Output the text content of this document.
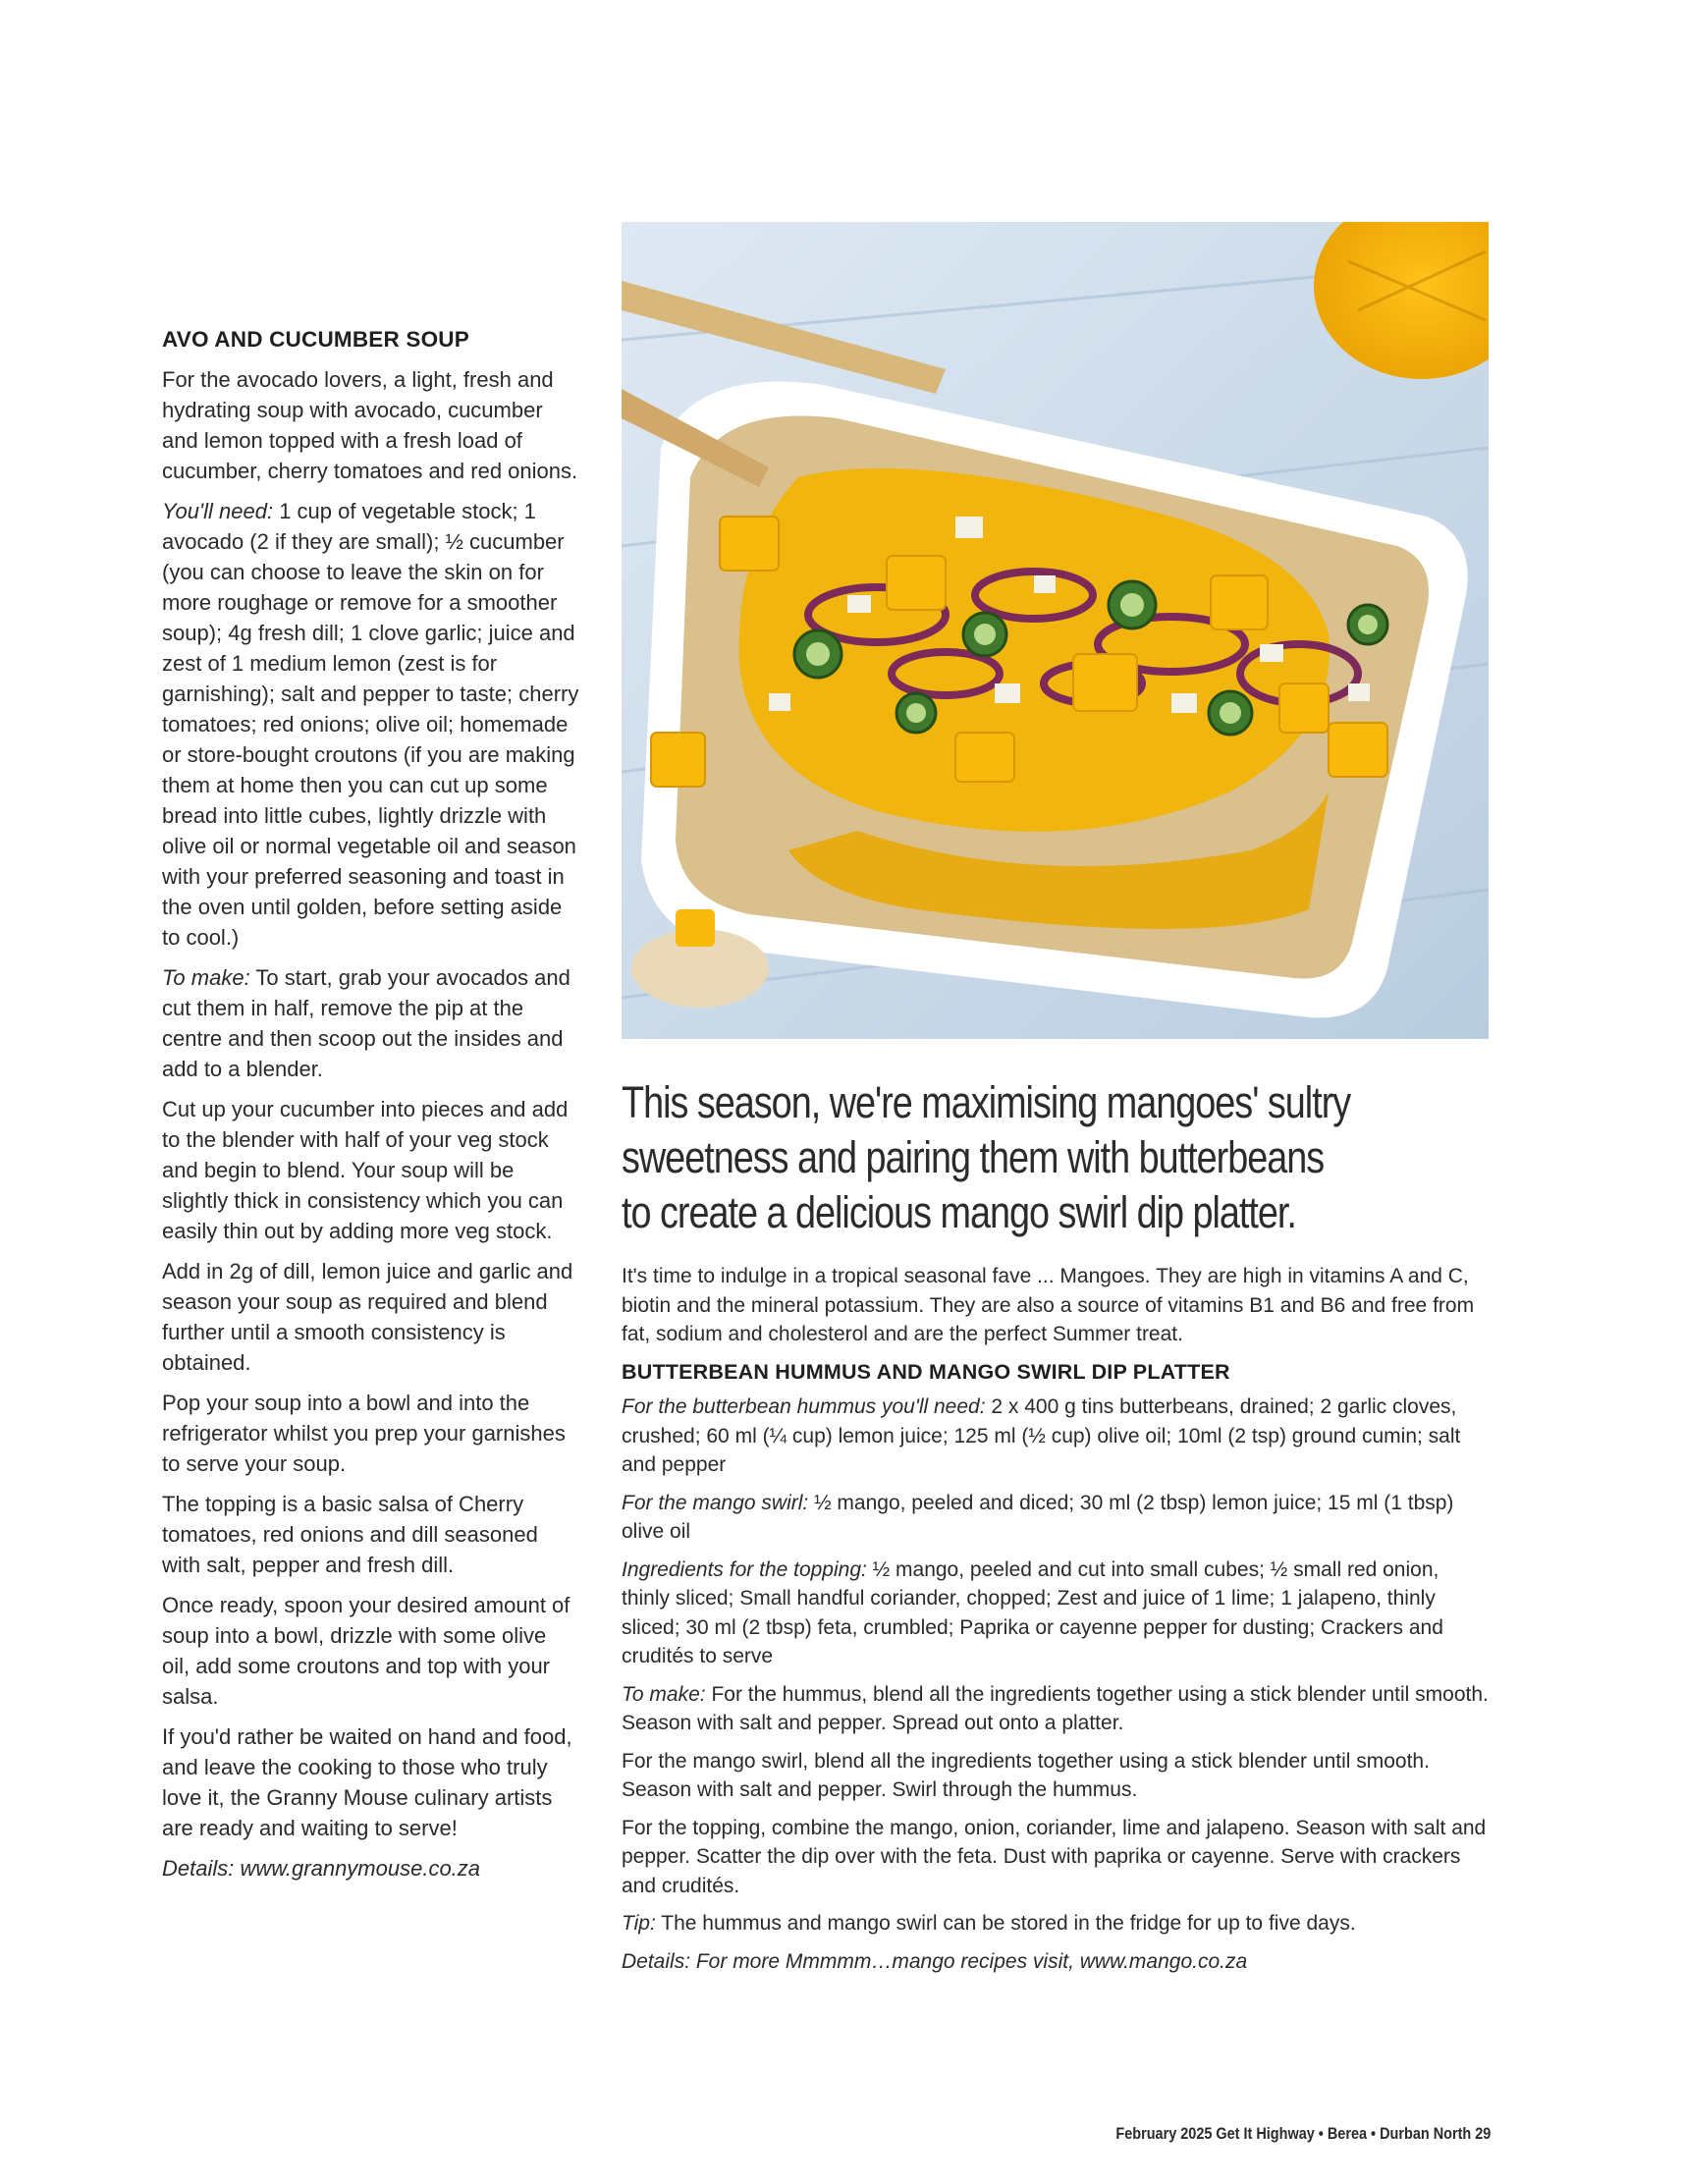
AVO AND CUCUMBER SOUP

For the avocado lovers, a light, fresh and hydrating soup with avocado, cucumber and lemon topped with a fresh load of cucumber, cherry tomatoes and red onions.

You'll need: 1 cup of vegetable stock; 1 avocado (2 if they are small); ½ cucumber (you can choose to leave the skin on for more roughage or remove for a smoother soup); 4g fresh dill; 1 clove garlic; juice and zest of 1 medium lemon (zest is for garnishing); salt and pepper to taste; cherry tomatoes; red onions; olive oil; homemade or store-bought croutons (if you are making them at home then you can cut up some bread into little cubes, lightly drizzle with olive oil or normal vegetable oil and season with your preferred seasoning and toast in the oven until golden, before setting aside to cool.)

To make: To start, grab your avocados and cut them in half, remove the pip at the centre and then scoop out the insides and add to a blender.

Cut up your cucumber into pieces and add to the blender with half of your veg stock and begin to blend. Your soup will be slightly thick in consistency which you can easily thin out by adding more veg stock.

Add in 2g of dill, lemon juice and garlic and season your soup as required and blend further until a smooth consistency is obtained.

Pop your soup into a bowl and into the refrigerator whilst you prep your garnishes to serve your soup.

The topping is a basic salsa of Cherry tomatoes, red onions and dill seasoned with salt, pepper and fresh dill.

Once ready, spoon your desired amount of soup into a bowl, drizzle with some olive oil, add some croutons and top with your salsa.

If you'd rather be waited on hand and food, and leave the cooking to those who truly love it, the Granny Mouse culinary artists are ready and waiting to serve!

Details: www.grannymouse.co.za

This season, we're maximising mangoes' sultry
sweetness and pairing them with butterbeans
to create a delicious mango swirl dip platter.

It's time to indulge in a tropical seasonal fave ... Mangoes. They are high in vitamins A and C, biotin and the mineral potassium. They are also a source of vitamins B1 and B6 and free from fat, sodium and cholesterol and are the perfect Summer treat.

BUTTERBEAN HUMMUS AND MANGO SWIRL DIP PLATTER

For the butterbean hummus you'll need: 2 x 400 g tins butterbeans, drained; 2 garlic cloves, crushed; 60 ml (¼ cup) lemon juice; 125 ml (½ cup) olive oil; 10ml (2 tsp) ground cumin; salt and pepper

For the mango swirl: ½ mango, peeled and diced; 30 ml (2 tbsp) lemon juice; 15 ml (1 tbsp) olive oil

Ingredients for the topping: ½ mango, peeled and cut into small cubes; ½ small red onion, thinly sliced; Small handful coriander, chopped; Zest and juice of 1 lime; 1 jalapeno, thinly sliced; 30 ml (2 tbsp) feta, crumbled; Paprika or cayenne pepper for dusting; Crackers and crudités to serve

To make: For the hummus, blend all the ingredients together using a stick blender until smooth. Season with salt and pepper. Spread out onto a platter.

For the mango swirl, blend all the ingredients together using a stick blender until smooth. Season with salt and pepper. Swirl through the hummus.

For the topping, combine the mango, onion, coriander, lime and jalapeno. Season with salt and pepper. Scatter the dip over with the feta. Dust with paprika or cayenne. Serve with crackers and crudités.

Tip: The hummus and mango swirl can be stored in the fridge for up to five days.

Details: For more Mmmmm…mango recipes visit, www.mango.co.za

February 2025 Get It Highway • Berea • Durban North 29
